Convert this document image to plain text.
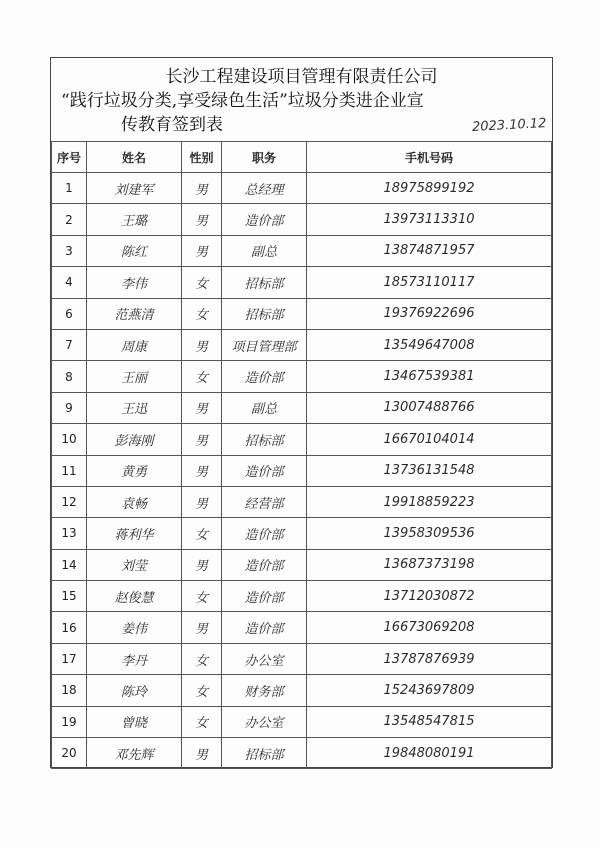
长沙工程建设项目管理有限责任公司
“践行垃圾分类,享受绿色生活”垃圾分类进企业宣
传教育签到表	2023.10.12
序号	姓名	性别	职务	手机号码
1	刘建军	男	总经理	18975899192
2	王璐	男	造价部	13973113310
3	陈红	男	副总	13874871957
4	李伟	女	招标部	18573110117
6	范燕清	女	招标部	19376922696
7	周康	男	项目管理部	13549647008
8	王丽	女	造价部	13467539381
9	王迅	男	副总	13007488766
10	彭海刚	男	招标部	16670104014
11	黄勇	男	造价部	13736131548
12	袁畅	男	经营部	19918859223
13	蒋利华	女	造价部	13958309536
14	刘莹	男	造价部	13687373198
15	赵俊慧	女	造价部	13712030872
16	姜伟	男	造价部	16673069208
17	李丹	女	办公室	13787876939
18	陈玲	女	财务部	15243697809
19	曾晓	女	办公室	13548547815
20	邓先辉	男	招标部	19848080191
